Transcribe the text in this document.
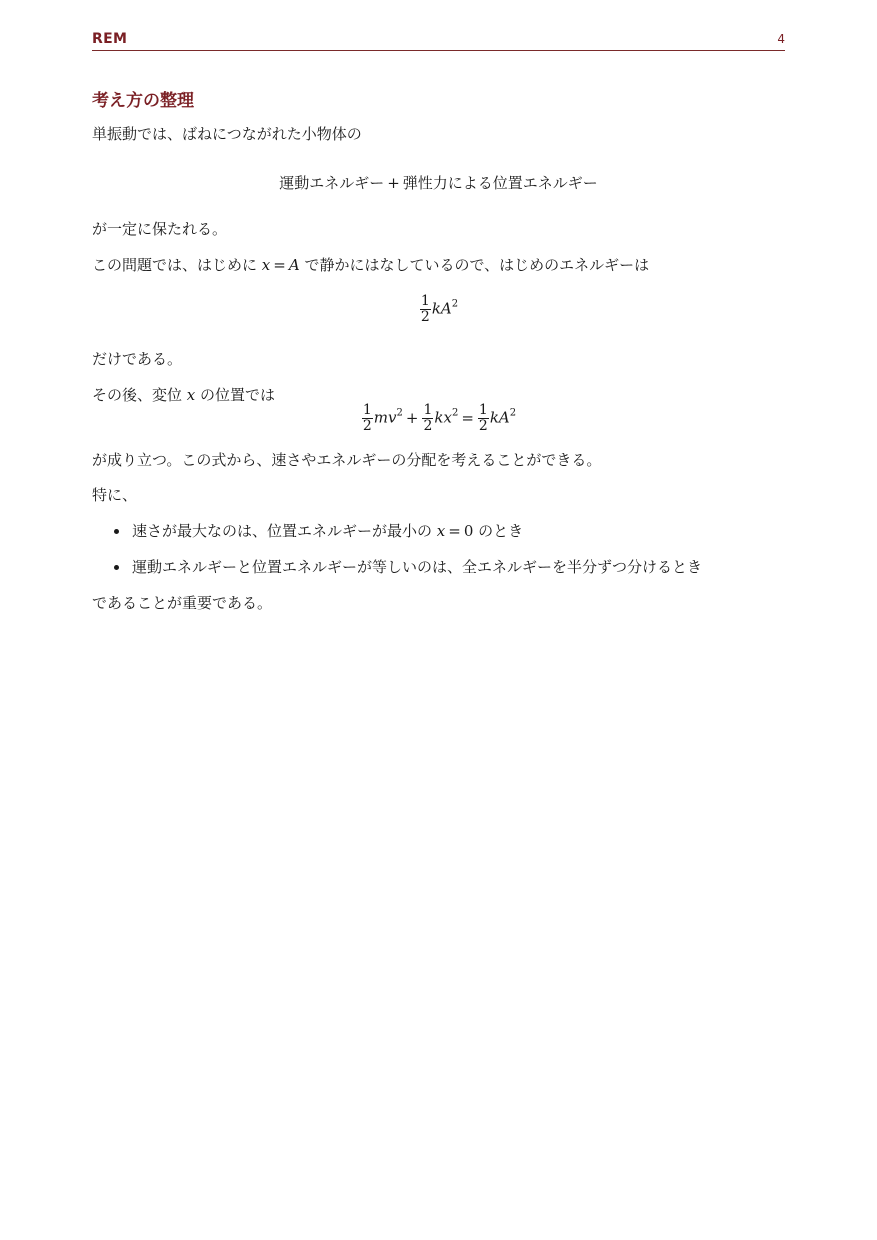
REM	4
考え方の整理
単振動では、ばねにつながれた小物体の
運動エネルギー + 弾性力による位置エネルギー
が一定に保たれる。
この問題では、はじめに x = A で静かにはなしているので、はじめのエネルギーは
$\frac{1}{2} kA^2$
だけである。
その後、変位 x の位置では
$\frac{1}{2} mv^2 + \frac{1}{2} kx^2 = \frac{1}{2} kA^2$
が成り立つ。この式から、速さやエネルギーの分配を考えることができる。
特に、
速さが最大なのは、位置エネルギーが最小の x = 0 のとき
運動エネルギーと位置エネルギーが等しいのは、全エネルギーを半分ずつ分けるとき
であることが重要である。
